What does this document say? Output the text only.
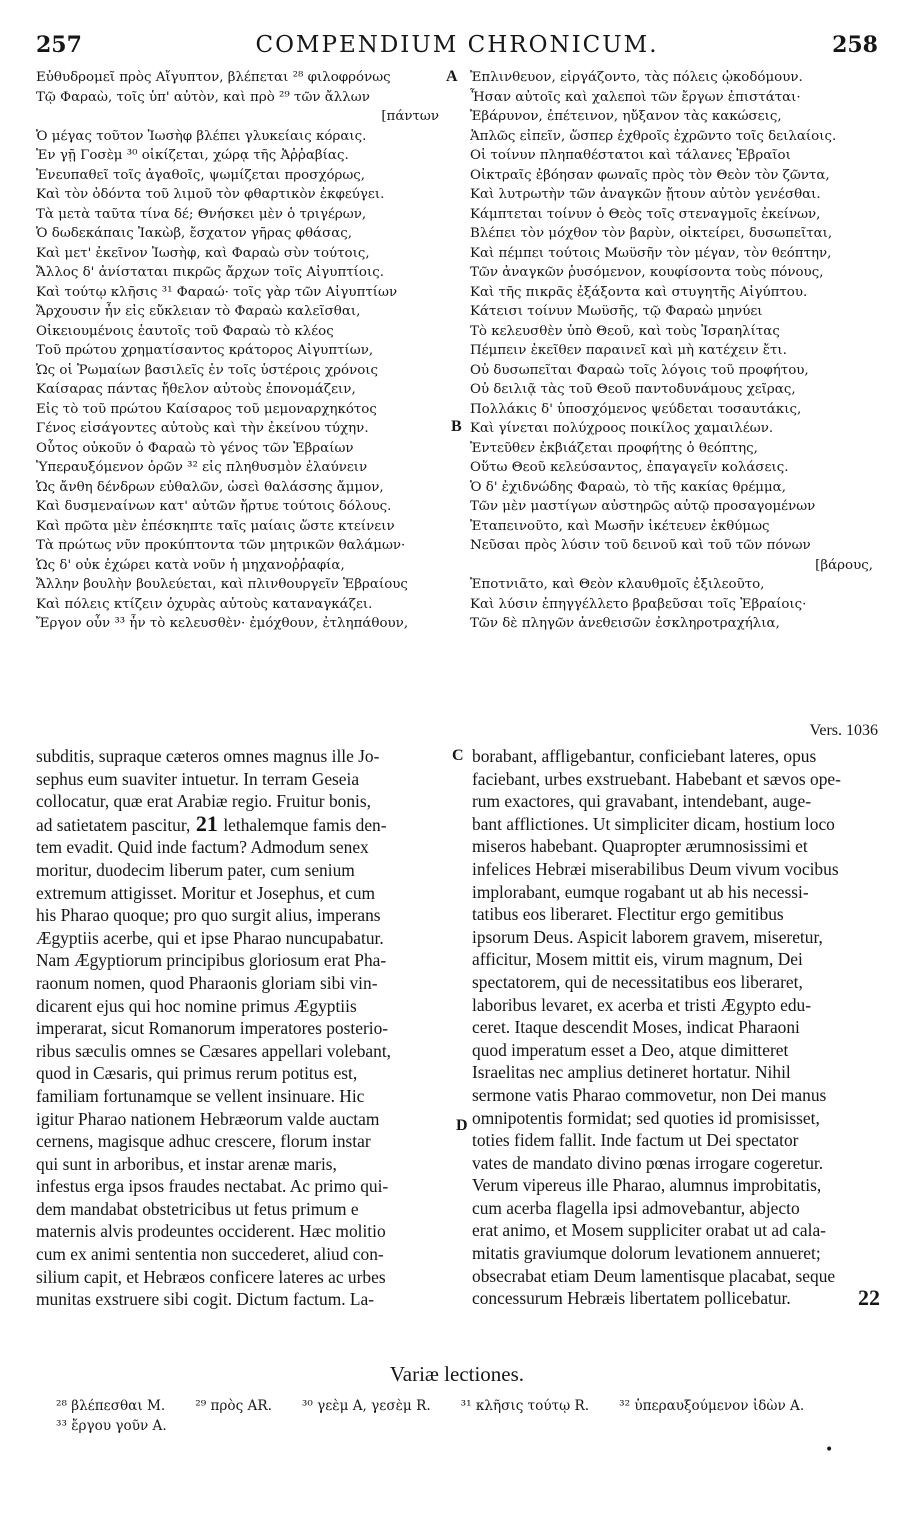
257	COMPENDIUM CHRONICUM.	258
Εὐθυδρομεῖ πρὸς Αἴγυπτον, βλέπεται ²⁸ φιλοφρόνως
Τῷ Φαραὼ, τοῖς ὑπ' αὐτὸν, καὶ πρὸ ²⁹ τῶν ἄλλων
[πάντων
Ὁ μέγας τοῦτον Ἰωσὴφ βλέπει γλυκείαις κόραις.
Ἐν γῇ Γοσὲμ ³⁰ οἰκίζεται, χώρᾳ τῆς Ἀῤῥαβίας.
Ἐνευπαθεῖ τοῖς ἀγαθοῖς, ψωμίζεται προσχόρως,
Καὶ τὸν ὀδόντα τοῦ λιμοῦ τὸν φθαρτικὸν ἐκφεύγει.
Τὰ μετὰ ταῦτα τίνα δέ; Θνήσκει μὲν ὁ τριγέρων,
Ὁ δωδεκάπαις Ἰακὼβ, ἔσχατον γῆρας φθάσας,
Καὶ μετ' ἐκεῖνον Ἰωσὴφ, καὶ Φαραὼ σὺν τούτοις,
Ἄλλος δ' ἀνίσταται πικρῶς ἄρχων τοῖς Αἰγυπτίοις.
Καὶ τούτῳ κλῆσις ³¹ Φαραώ· τοῖς γὰρ τῶν Αἰγυπτίων
Ἄρχουσιν ἦν εἰς εὔκλειαν τὸ Φαραὼ καλεῖσθαι,
Οἰκειουμένοις ἑαυτοῖς τοῦ Φαραὼ τὸ κλέος
Τοῦ πρώτου χρηματίσαντος κράτορος Αἰγυπτίων,
Ὡς οἱ Ῥωμαίων βασιλεῖς ἐν τοῖς ὑστέροις χρόνοις
Καίσαρας πάντας ἤθελον αὐτοὺς ἐπονομάζειν,
Εἰς τὸ τοῦ πρώτου Καίσαρος τοῦ μεμοναρχηκότος
Γένος εἰσάγοντες αὐτοὺς καὶ τὴν ἐκείνου τύχην.
Οὗτος οὐκοῦν ὁ Φαραὼ τὸ γένος τῶν Ἑβραίων
Ὑπεραυξόμενον ὁρῶν ³² εἰς πληθυσμὸν ἐλαύνειν
Ὡς ἄνθη δένδρων εὐθαλῶν, ὡσεὶ θαλάσσης ἄμμον,
Καὶ δυσμεναίνων κατ' αὐτῶν ἤρτυε τούτοις δόλους.
Καὶ πρῶτα μὲν ἐπέσκηπτε ταῖς μαίαις ὥστε κτείνειν
Τὰ πρώτως νῦν προκύπτοντα τῶν μητρικῶν θαλάμων·
Ὡς δ' οὐκ ἐχώρει κατὰ νοῦν ἡ μηχανοῤῥαφία,
Ἄλλην βουλὴν βουλεύεται, καὶ πλινθουργεῖν Ἑβραίους
Καὶ πόλεις κτίζειν ὀχυρὰς αὐτοὺς καταναγκάζει.
Ἔργον οὖν ³³ ἦν τὸ κελευσθὲν· ἐμόχθουν, ἐτληπάθουν,
Ἐπλινθευον, εἰργάζοντο, τὰς πόλεις ᾠκοδόμουν.
Ἦσαν αὐτοῖς καὶ χαλεποὶ τῶν ἔργων ἐπιστάται·
Ἐβάρυνον, ἐπέτεινον, ηὔξανον τὰς κακώσεις,
Ἁπλῶς εἰπεῖν, ὥσπερ ἐχθροῖς ἐχρῶντο τοῖς δειλαίοις.
Οἱ τοίνυν πληπαθέστατοι καὶ τάλανες Ἑβραῖοι
Οἰκτραῖς ἐβόησαν φωναῖς πρὸς τὸν Θεὸν τὸν ζῶντα,
Καὶ λυτρωτὴν τῶν ἀναγκῶν ᾔτουν αὐτὸν γενέσθαι.
Κάμπτεται τοίνυν ὁ Θεὸς τοῖς στεναγμοῖς ἐκείνων,
Βλέπει τὸν μόχθον τὸν βαρὺν, οἰκτείρει, δυσωπεῖται,
Καὶ πέμπει τούτοις Μωϋσῆν τὸν μέγαν, τὸν θεόπτην,
Τῶν ἀναγκῶν ῥυσόμενον, κουφίσοντα τοὺς πόνους,
Καὶ τῆς πικρᾶς ἐξάξοντα καὶ στυγητῆς Αἰγύπτου.
Κάτεισι τοίνυν Μωϋσῆς, τῷ Φαραὼ μηνύει
Τὸ κελευσθὲν ὑπὸ Θεοῦ, καὶ τοὺς Ἰσραηλίτας
Πέμπειν ἐκεῖθεν παραινεῖ καὶ μὴ κατέχειν ἔτι.
Οὐ δυσωπεῖται Φαραὼ τοῖς λόγοις τοῦ προφήτου,
Οὐ δειλιᾷ τὰς τοῦ Θεοῦ παντοδυνάμους χεῖρας,
Πολλάκις δ' ὑποσχόμενος ψεύδεται τοσαυτάκις,
Καὶ γίνεται πολύχροος ποικίλος χαμαιλέων.
Ἐντεῦθεν ἐκβιάζεται προφήτης ὁ θεόπτης,
Οὕτω Θεοῦ κελεύσαντος, ἐπαγαγεῖν κολάσεις.
Ὁ δ' ἐχιδνώδης Φαραὼ, τὸ τῆς κακίας θρέμμα,
Τῶν μὲν μαστίγων αὐστηρῶς αὐτῷ προσαγομένων
Ἐταπεινοῦτο, καὶ Μωσῆν ἱκέτευεν ἐκθύμως
Νεῦσαι πρὸς λύσιν τοῦ δεινοῦ καὶ τοῦ τῶν πόνων
[βάρους,
Ἐποτνιᾶτο, καὶ Θεὸν κλαυθμοῖς ἐξιλεοῦτο,
Καὶ λύσιν ἐπηγγέλλετο βραβεῦσαι τοῖς Ἑβραίοις·
Τῶν δὲ πληγῶν ἀνεθεισῶν ἐσκληροτραχήλια,
A
B
C
D
Vers. 1036
subditis, supraque cæteros omnes magnus ille Jo-
sephus eum suaviter intuetur. In terram Geseia
collocatur, quæ erat Arabiæ regio. Fruitur bonis,
ad satietatem pascitur, 21 lethalemque famis den-
tem evadit. Quid inde factum? Admodum senex
moritur, duodecim liberum pater, cum senium
extremum attigisset. Moritur et Josephus, et cum
his Pharao quoque; pro quo surgit alius, imperans
Ægyptiis acerbe, qui et ipse Pharao nuncupabatur.
Nam Ægyptiorum principibus gloriosum erat Pha-
raonum nomen, quod Pharaonis gloriam sibi vin-
dicarent ejus qui hoc nomine primus Ægyptiis
imperarat, sicut Romanorum imperatores posterio-
ribus sæculis omnes se Cæsares appellari volebant,
quod in Cæsaris, qui primus rerum potitus est,
familiam fortunamque se vellent insinuare. Hic
igitur Pharao nationem Hebræorum valde auctam
cernens, magisque adhuc crescere, florum instar
qui sunt in arboribus, et instar arenæ maris,
infestus erga ipsos fraudes nectabat. Ac primo qui-
dem mandabat obstetricibus ut fetus primum e
maternis alvis prodeuntes occiderent. Hæc molitio
cum ex animi sententia non succederet, aliud con-
silium capit, et Hebræos conficere lateres ac urbes
munitas exstruere sibi cogit. Dictum factum. La-
borabant, affligebantur, conficiebant lateres, opus
faciebant, urbes exstruebant. Habebant et sævos ope-
rum exactores, qui gravabant, intendebant, auge-
bant afflictiones. Ut simpliciter dicam, hostium loco
miseros habebant. Quapropter ærumnosissimi et
infelices Hebræi miserabilibus Deum vivum vocibus
implorabant, eumque rogabant ut ab his necessi-
tatibus eos liberaret. Flectitur ergo gemitibus
ipsorum Deus. Aspicit laborem gravem, miseretur,
afficitur, Mosem mittit eis, virum magnum, Dei
spectatorem, qui de necessitatibus eos liberaret,
laboribus levaret, ex acerba et tristi Ægypto edu-
ceret. Itaque descendit Moses, indicat Pharaoni
quod imperatum esset a Deo, atque dimitteret
Israelitas nec amplius detineret hortatur. Nihil
sermone vatis Pharao commovetur, non Dei manus
omnipotentis formidat; sed quoties id promisisset,
toties fidem fallit. Inde factum ut Dei spectator
vates de mandato divino pœnas irrogare cogeretur.
Verum vipereus ille Pharao, alumnus improbitatis,
cum acerba flagella ipsi admovebantur, abjecto
erat animo, et Mosem suppliciter orabat ut ad cala-
mitatis graviumque dolorum levationem annueret;
obsecrabat etiam Deum lamentisque placabat, seque
concessurum Hebræis libertatem pollicebatur.	22
Variæ lectiones.
²⁸ βλέπεσθαι M. ²⁹ πρὸς AR. ³⁰ γεὲμ A, γεσὲμ R. ³¹ κλῆσις τούτῳ R. ³² ὑπεραυξούμενον ἰδὼν A.
³³ ἔργου γοῦν A.
•
